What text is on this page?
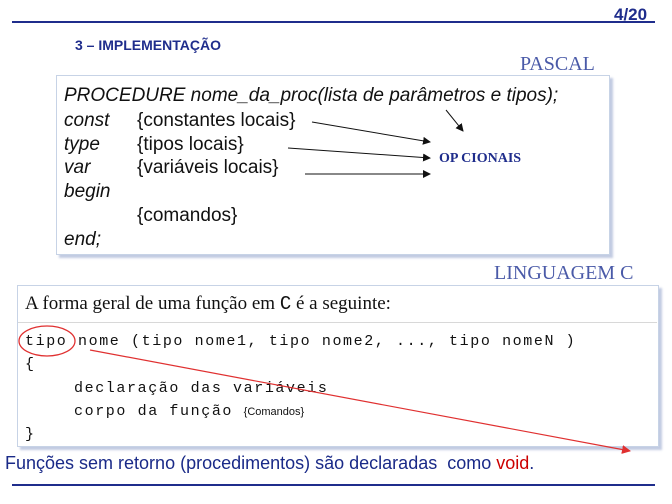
4/20
3 – IMPLEMENTAÇÃO
PASCAL
PROCEDURE nome_da_proc(lista de parâmetros e tipos);
const {constantes locais}
type {tipos locais}
var {variáveis locais}
begin
{comandos}
end;
OP CIONAIS
LINGUAGEM C
A forma geral de uma função em C é a seguinte:
tipo nome (tipo nome1, tipo nome2, ..., tipo nomeN )
{
declaração das variáveis
corpo da função {Comandos}
}
Funções sem retorno (procedimentos) são declaradas  como void.
